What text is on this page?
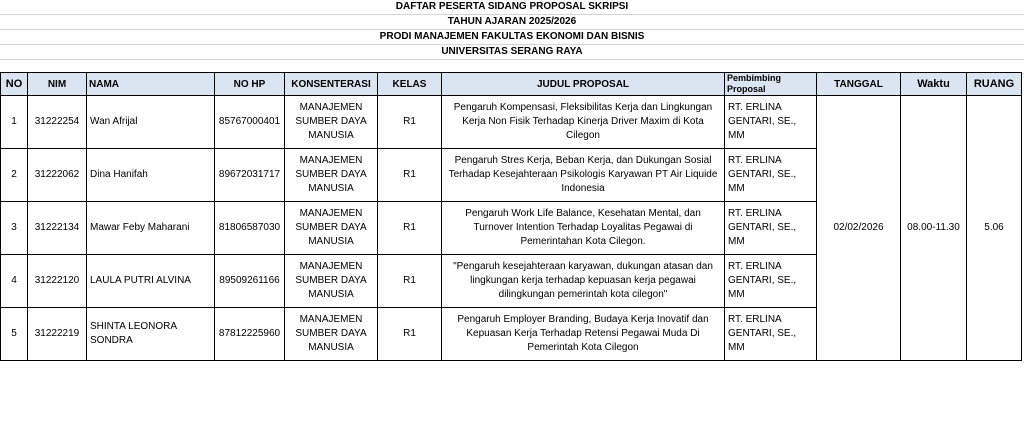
DAFTAR PESERTA SIDANG PROPOSAL SKRIPSI
TAHUN AJARAN 2025/2026
PRODI MANAJEMEN FAKULTAS EKONOMI DAN BISNIS
UNIVERSITAS SERANG RAYA
NO	NIM	NAMA	NO HP	KONSENTERASI	KELAS	JUDUL PROPOSAL	Pembimbing Proposal	TANGGAL	Waktu	RUANG
1	31222254	Wan Afrijal	85767000401	MANAJEMEN SUMBER DAYA MANUSIA	R1	Pengaruh Kompensasi, Fleksibilitas Kerja dan Lingkungan Kerja Non Fisik Terhadap Kinerja Driver Maxim di Kota Cilegon	RT. ERLINA GENTARI, SE., MM	02/02/2026	08.00-11.30	5.06
2	31222062	Dina Hanifah	89672031717	MANAJEMEN SUMBER DAYA MANUSIA	R1	Pengaruh Stres Kerja, Beban Kerja, dan Dukungan Sosial Terhadap Kesejahteraan Psikologis Karyawan PT Air Liquide Indonesia	RT. ERLINA GENTARI, SE., MM			
3	31222134	Mawar Feby Maharani	81806587030	MANAJEMEN SUMBER DAYA MANUSIA	R1	Pengaruh Work Life Balance, Kesehatan Mental, dan Turnover Intention Terhadap Loyalitas Pegawai di Pemerintahan Kota Cilegon.	RT. ERLINA GENTARI, SE., MM			
4	31222120	LAULA PUTRI ALVINA	89509261166	MANAJEMEN SUMBER DAYA MANUSIA	R1	"Pengaruh kesejahteraan karyawan, dukungan atasan dan lingkungan kerja terhadap kepuasan kerja pegawai dilingkungan pemerintah kota cilegon"	RT. ERLINA GENTARI, SE., MM			
5	31222219	SHINTA LEONORA SONDRA	87812225960	MANAJEMEN SUMBER DAYA MANUSIA	R1	Pengaruh Employer Branding, Budaya Kerja Inovatif dan Kepuasan Kerja Terhadap Retensi Pegawai Muda Di Pemerintah Kota Cilegon	RT. ERLINA GENTARI, SE., MM			
